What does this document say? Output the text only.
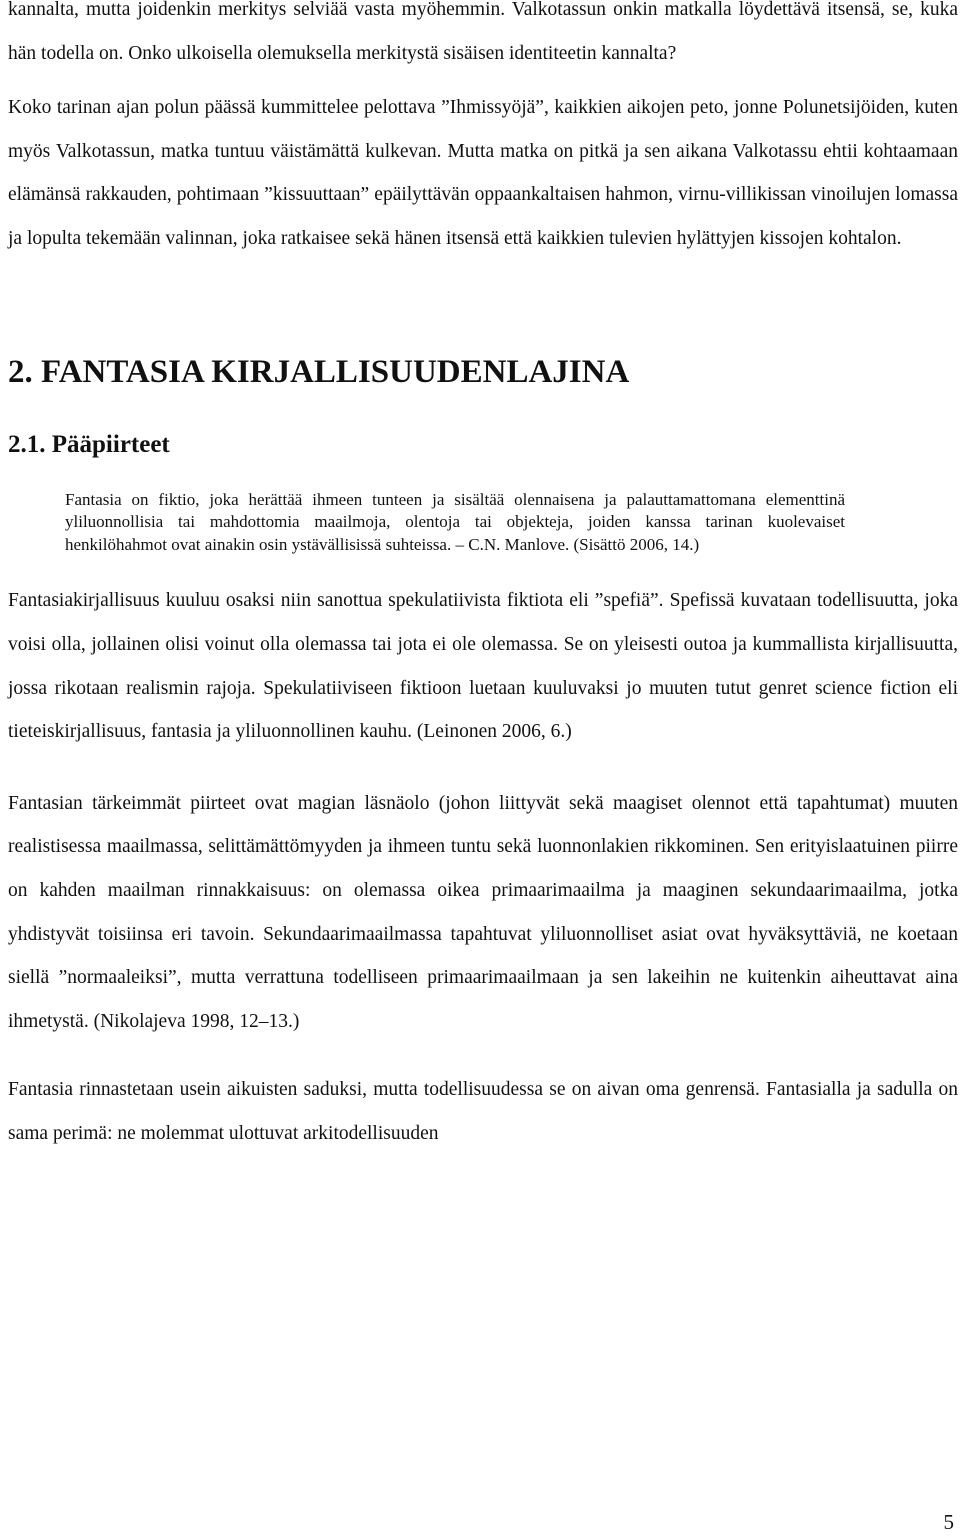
kannalta, mutta joidenkin merkitys selviää vasta myöhemmin. Valkotassun onkin matkalla löydettävä itsensä, se, kuka hän todella on. Onko ulkoisella olemuksella merkitystä sisäisen identiteetin kannalta?

Koko tarinan ajan polun päässä kummittelee pelottava ”Ihmissyöjä”, kaikkien aikojen peto, jonne Polunetsijöiden, kuten myös Valkotassun, matka tuntuu väistämättä kulkevan. Mutta matka on pitkä ja sen aikana Valkotassu ehtii kohtaamaan elämänsä rakkauden, pohtimaan ”kissuuttaan” epäilyttävän oppaankaltaisen hahmon, virnu-villikissan vinoilujen lomassa ja lopulta tekemään valinnan, joka ratkaisee sekä hänen itsensä että kaikkien tulevien hylättyjen kissojen kohtalon.

2. FANTASIA KIRJALLISUUDENLAJINA
2.1. Pääpiirteet

Fantasia on fiktio, joka herättää ihmeen tunteen ja sisältää olennaisena ja palauttamattomana elementtinä yliluonnollisia tai mahdottomia maailmoja, olentoja tai objekteja, joiden kanssa tarinan kuolevaiset henkilöhahmot ovat ainakin osin ystävällisissä suhteissa. – C.N. Manlove. (Sisättö 2006, 14.)

Fantasiakirjallisuus kuuluu osaksi niin sanottua spekulatiivista fiktiota eli ”spefiä”. Spefissä kuvataan todellisuutta, joka voisi olla, jollainen olisi voinut olla olemassa tai jota ei ole olemassa. Se on yleisesti outoa ja kummallista kirjallisuutta, jossa rikotaan realismin rajoja. Spekulatiiviseen fiktioon luetaan kuuluvaksi jo muuten tutut genret science fiction eli tieteiskirjallisuus, fantasia ja yliluonnollinen kauhu. (Leinonen 2006, 6.)

Fantasian tärkeimmät piirteet ovat magian läsnäolo (johon liittyvät sekä maagiset olennot että tapahtumat) muuten realistisessa maailmassa, selittämättömyyden ja ihmeen tuntu sekä luonnonlakien rikkominen. Sen erityislaatuinen piirre on kahden maailman rinnakkaisuus: on olemassa oikea primaarimaailma ja maaginen sekundaarimaailma, jotka yhdistyvät toisiinsa eri tavoin. Sekundaarimaailmassa tapahtuvat yliluonnolliset asiat ovat hyväksyttäviä, ne koetaan siellä ”normaaleiksi”, mutta verrattuna todelliseen primaarimaailmaan ja sen lakeihin ne kuitenkin aiheuttavat aina ihmetystä. (Nikolajeva 1998, 12–13.)

Fantasia rinnastetaan usein aikuisten saduksi, mutta todellisuudessa se on aivan oma genrensä. Fantasialla ja sadulla on sama perimä: ne molemmat ulottuvat arkitodellisuuden

5
